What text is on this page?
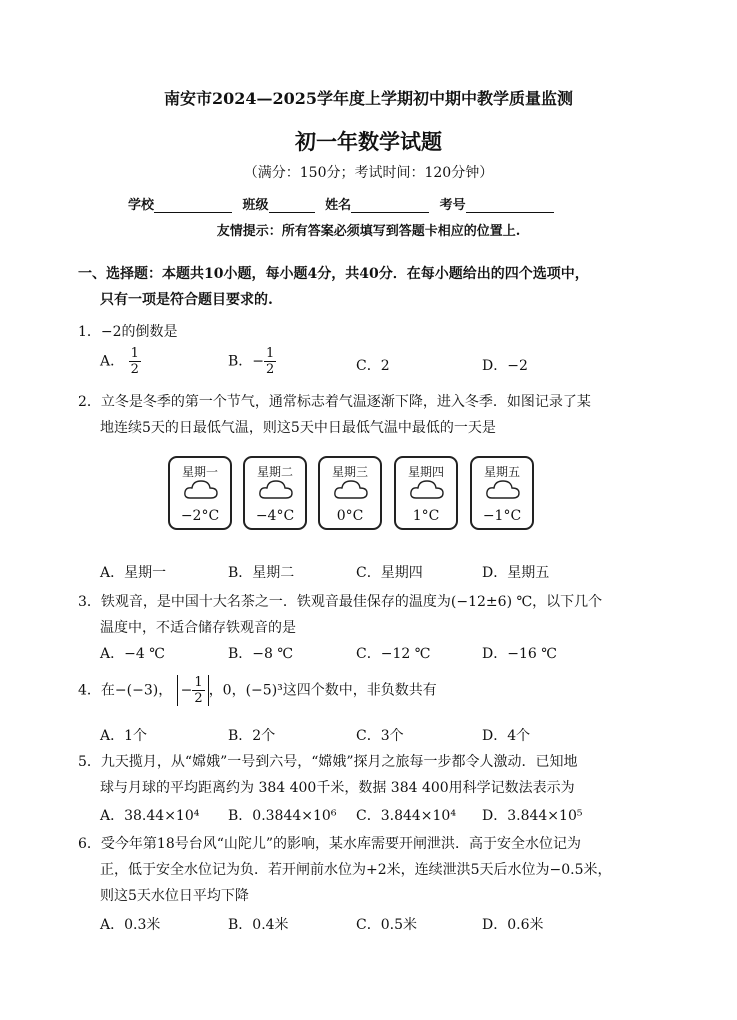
南安市2024—2025学年度上学期初中期中教学质量监测
初一年数学试题
（满分：150分；考试时间：120分钟）
学校	班级	姓名	考号
友情提示：所有答案必须填写到答题卡相应的位置上.
一、选择题：本题共10小题，每小题4分，共40分．在每小题给出的四个选项中，
只有一项是符合题目要求的.
1．−2的倒数是
A． $\frac{1}{2}$	B．− $\frac{1}{2}$	C．2	D．−2
2．立冬是冬季的第一个节气，通常标志着气温逐渐下降，进入冬季．如图记录了某
地连续5天的日最低气温，则这5天中日最低气温中最低的一天是
星期一
−2°C
星期二
−4°C
星期三
0°C
星期四
1°C
星期五
−1°C
A．星期一	B．星期二	C．星期四	D．星期五
3．铁观音，是中国十大名茶之一．铁观音最佳保存的温度为(−12±6) ℃，以下几个
温度中，不适合储存铁观音的是
A．−4 ℃	B．−8 ℃	C．−12 ℃	D．−16 ℃
4．在−(−3)， − $\frac{1}{2}$ ，0，(−5)³这四个数中，非负数共有
A．1个	B．2个	C．3个	D．4个
5．九天揽月，从“嫦娥”一号到六号，“嫦娥”探月之旅每一步都令人激动．已知地
球与月球的平均距离约为 384 400千米，数据 384 400用科学记数法表示为
A．38.44×10⁴ B．0.3844×10⁶ C．3.844×10⁴ D．3.844×10⁵
6．受今年第18号台风“山陀儿”的影响，某水库需要开闸泄洪．高于安全水位记为
正，低于安全水位记为负．若开闸前水位为+2米，连续泄洪5天后水位为−0.5米，
则这5天水位日平均下降
A．0.3米	B．0.4米	C．0.5米	D．0.6米
